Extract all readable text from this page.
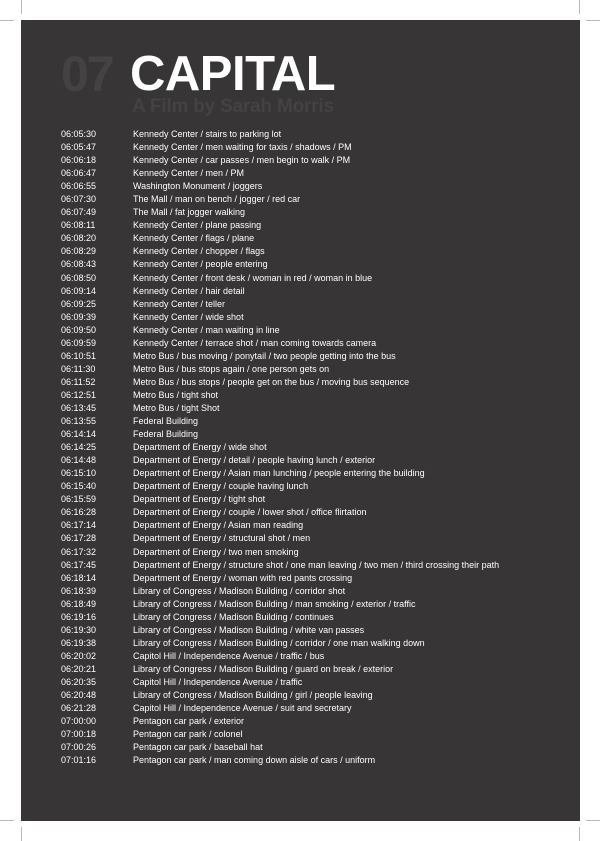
07 CAPITAL
A Film by Sarah Morris
06:05:30	Kennedy Center / stairs to parking lot
06:05:47	Kennedy Center / men waiting for taxis / shadows / PM
06:06:18	Kennedy Center / car passes / men begin to walk / PM
06:06:47	Kennedy Center / men / PM
06:06:55	Washington Monument / joggers
06:07:30	The Mall / man on bench / jogger / red car
06:07:49	The Mall / fat jogger walking
06:08:11	Kennedy Center / plane passing
06:08:20	Kennedy Center / flags / plane
06:08:29	Kennedy Center / chopper / flags
06:08:43	Kennedy Center / people entering
06:08:50	Kennedy Center / front desk / woman in red / woman in blue
06:09:14	Kennedy Center / hair detail
06:09:25	Kennedy Center / teller
06:09:39	Kennedy Center / wide shot
06:09:50	Kennedy Center / man waiting in line
06:09:59	Kennedy Center / terrace shot / man coming towards camera
06:10:51	Metro Bus / bus moving / ponytail / two people getting into the bus
06:11:30	Metro Bus / bus stops again / one person gets on
06:11:52	Metro Bus / bus stops / people get on the bus / moving bus sequence
06:12:51	Metro Bus / tight shot
06:13:45	Metro Bus / tight Shot
06:13:55	Federal Building
06:14:14	Federal Building
06:14:25	Department of Energy / wide shot
06:14:48	Department of Energy / detail / people having lunch / exterior
06:15:10	Department of Energy / Asian man lunching / people entering the building
06:15:40	Department of Energy / couple having lunch
06:15:59	Department of Energy / tight shot
06:16:28	Department of Energy / couple / lower shot / office flirtation
06:17:14	Department of Energy / Asian man reading
06:17:28	Department of Energy / structural shot / men
06:17:32	Department of Energy / two men smoking
06:17:45	Department of Energy / structure shot / one man leaving / two men / third crossing their path
06:18:14	Department of Energy / woman with red pants crossing
06:18:39	Library of Congress / Madison Building / corridor shot
06:18:49	Library of Congress / Madison Building / man smoking / exterior / traffic
06:19:16	Library of Congress / Madison Building / continues
06:19:30	Library of Congress / Madison Building / white van passes
06:19:38	Library of Congress / Madison Building / corridor / one man walking down
06:20:02	Capitol Hill / Independence Avenue / traffic / bus
06:20:21	Library of Congress / Madison Building / guard on break / exterior
06:20:35	Capitol Hill / Independence Avenue / traffic
06:20:48	Library of Congress / Madison Building / girl / people leaving
06:21:28	Capitol Hill / Independence Avenue / suit and secretary
07:00:00	Pentagon car park / exterior
07:00:18	Pentagon car park / colonel
07:00:26	Pentagon car park / baseball hat
07:01:16	Pentagon car park / man coming down aisle of cars / uniform
